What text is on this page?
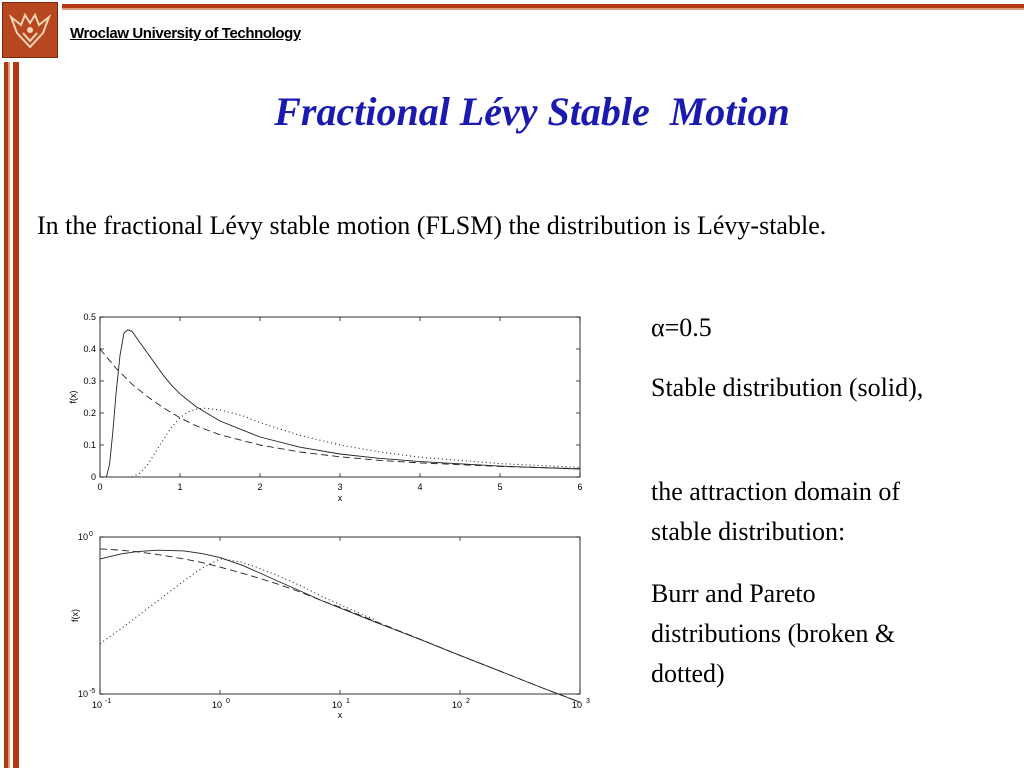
Wroclaw University of Technology
Fractional Lévy Stable  Motion
In the fractional Lévy stable motion (FLSM) the distribution is Lévy-stable.
α=0.5
Stable distribution (solid),
the attraction domain of stable distribution:
Burr and Pareto distributions (broken & dotted)
0	1	2	3	4	5	6
0
0.1
0.2
0.3
0.4
0.5
x
f(x)
10 -1	10 0	10 1	10 2	10 3
10 -5
10 0
x
f(x)
